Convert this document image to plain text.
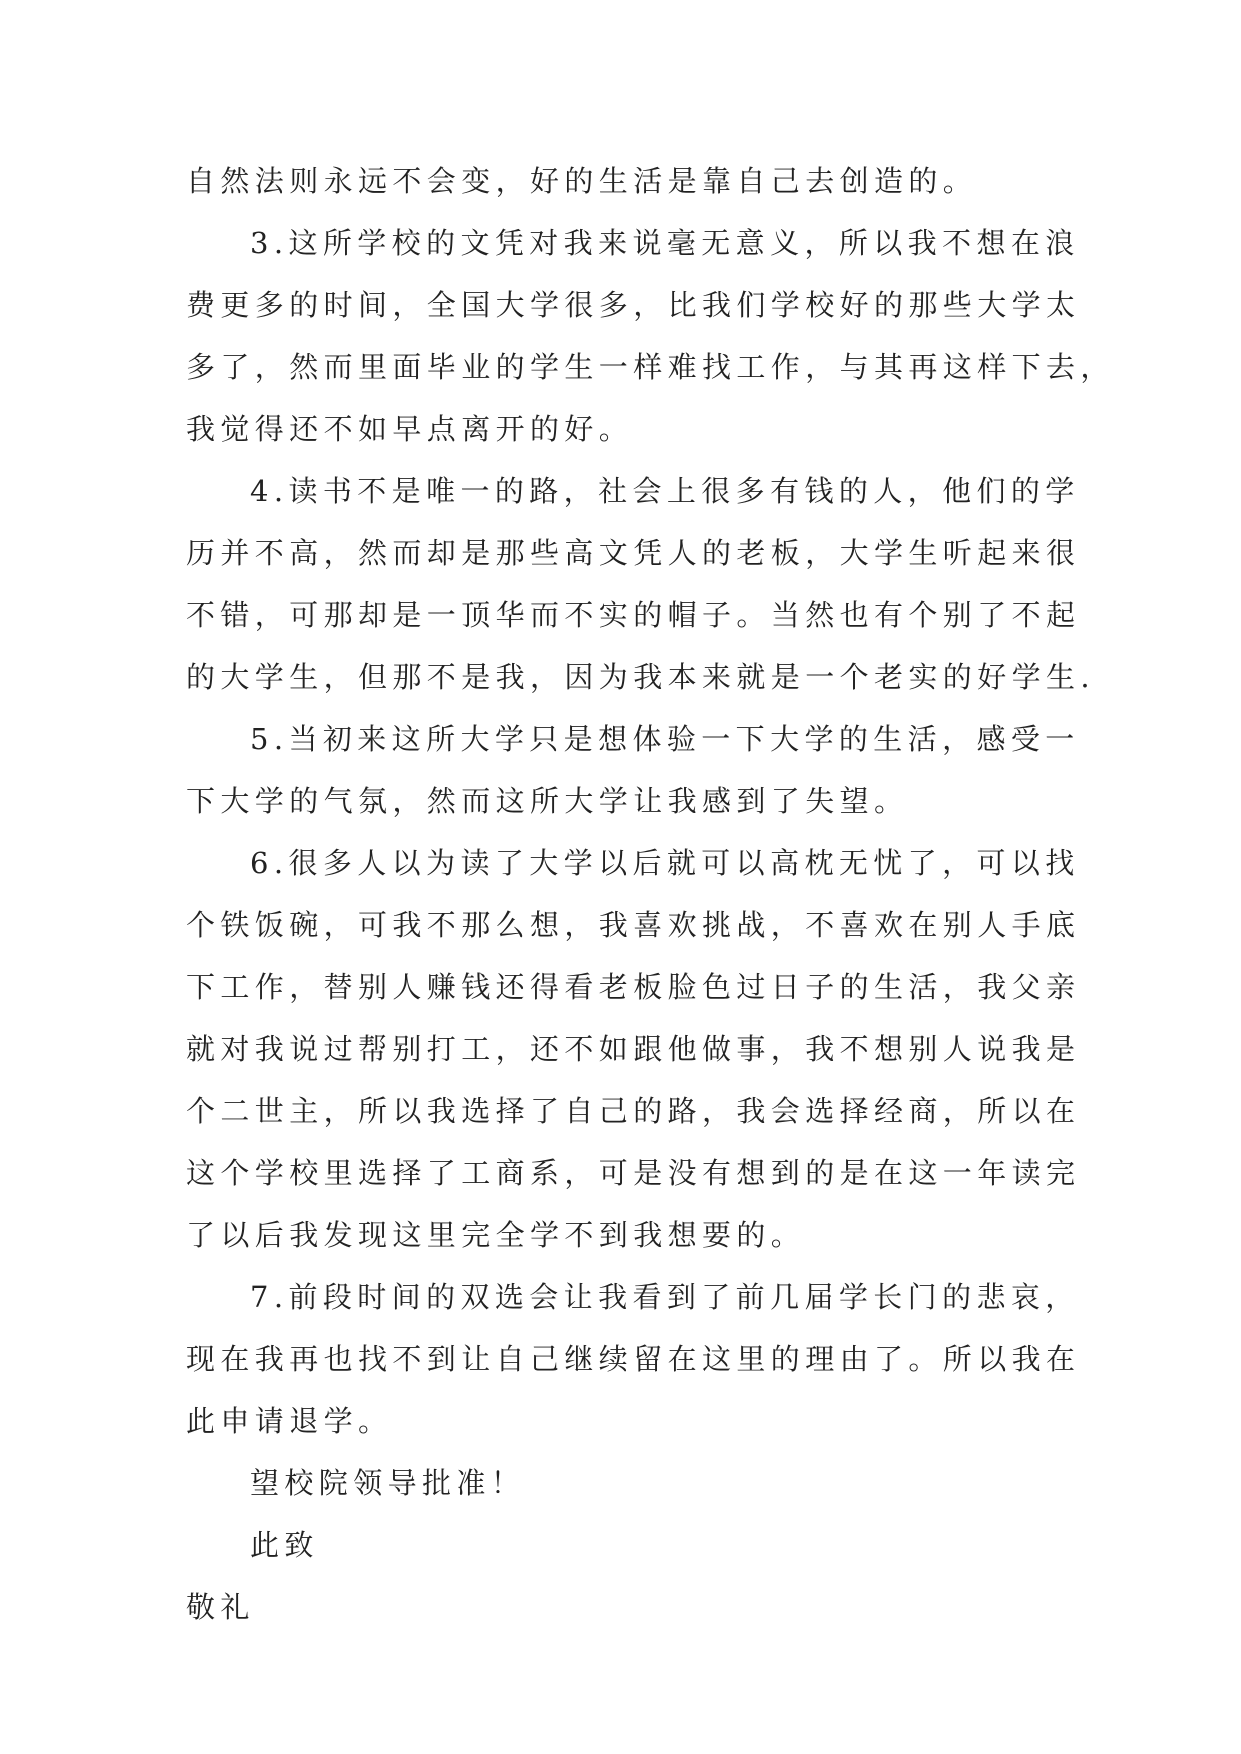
自然法则永远不会变，好的生活是靠自己去创造的。
3.这所学校的文凭对我来说毫无意义，所以我不想在浪
费更多的时间，全国大学很多，比我们学校好的那些大学太
多了，然而里面毕业的学生一样难找工作，与其再这样下去，
我觉得还不如早点离开的好。
4.读书不是唯一的路，社会上很多有钱的人，他们的学
历并不高，然而却是那些高文凭人的老板，大学生听起来很
不错，可那却是一顶华而不实的帽子。当然也有个别了不起
的大学生，但那不是我，因为我本来就是一个老实的好学生.
5.当初来这所大学只是想体验一下大学的生活，感受一
下大学的气氛，然而这所大学让我感到了失望。
6.很多人以为读了大学以后就可以高枕无忧了，可以找
个铁饭碗，可我不那么想，我喜欢挑战，不喜欢在别人手底
下工作，替别人赚钱还得看老板脸色过日子的生活，我父亲
就对我说过帮别打工，还不如跟他做事，我不想别人说我是
个二世主，所以我选择了自己的路，我会选择经商，所以在
这个学校里选择了工商系，可是没有想到的是在这一年读完
了以后我发现这里完全学不到我想要的。
7.前段时间的双选会让我看到了前几届学长门的悲哀，
现在我再也找不到让自己继续留在这里的理由了。所以我在
此申请退学。
望校院领导批准！
此致
敬礼
